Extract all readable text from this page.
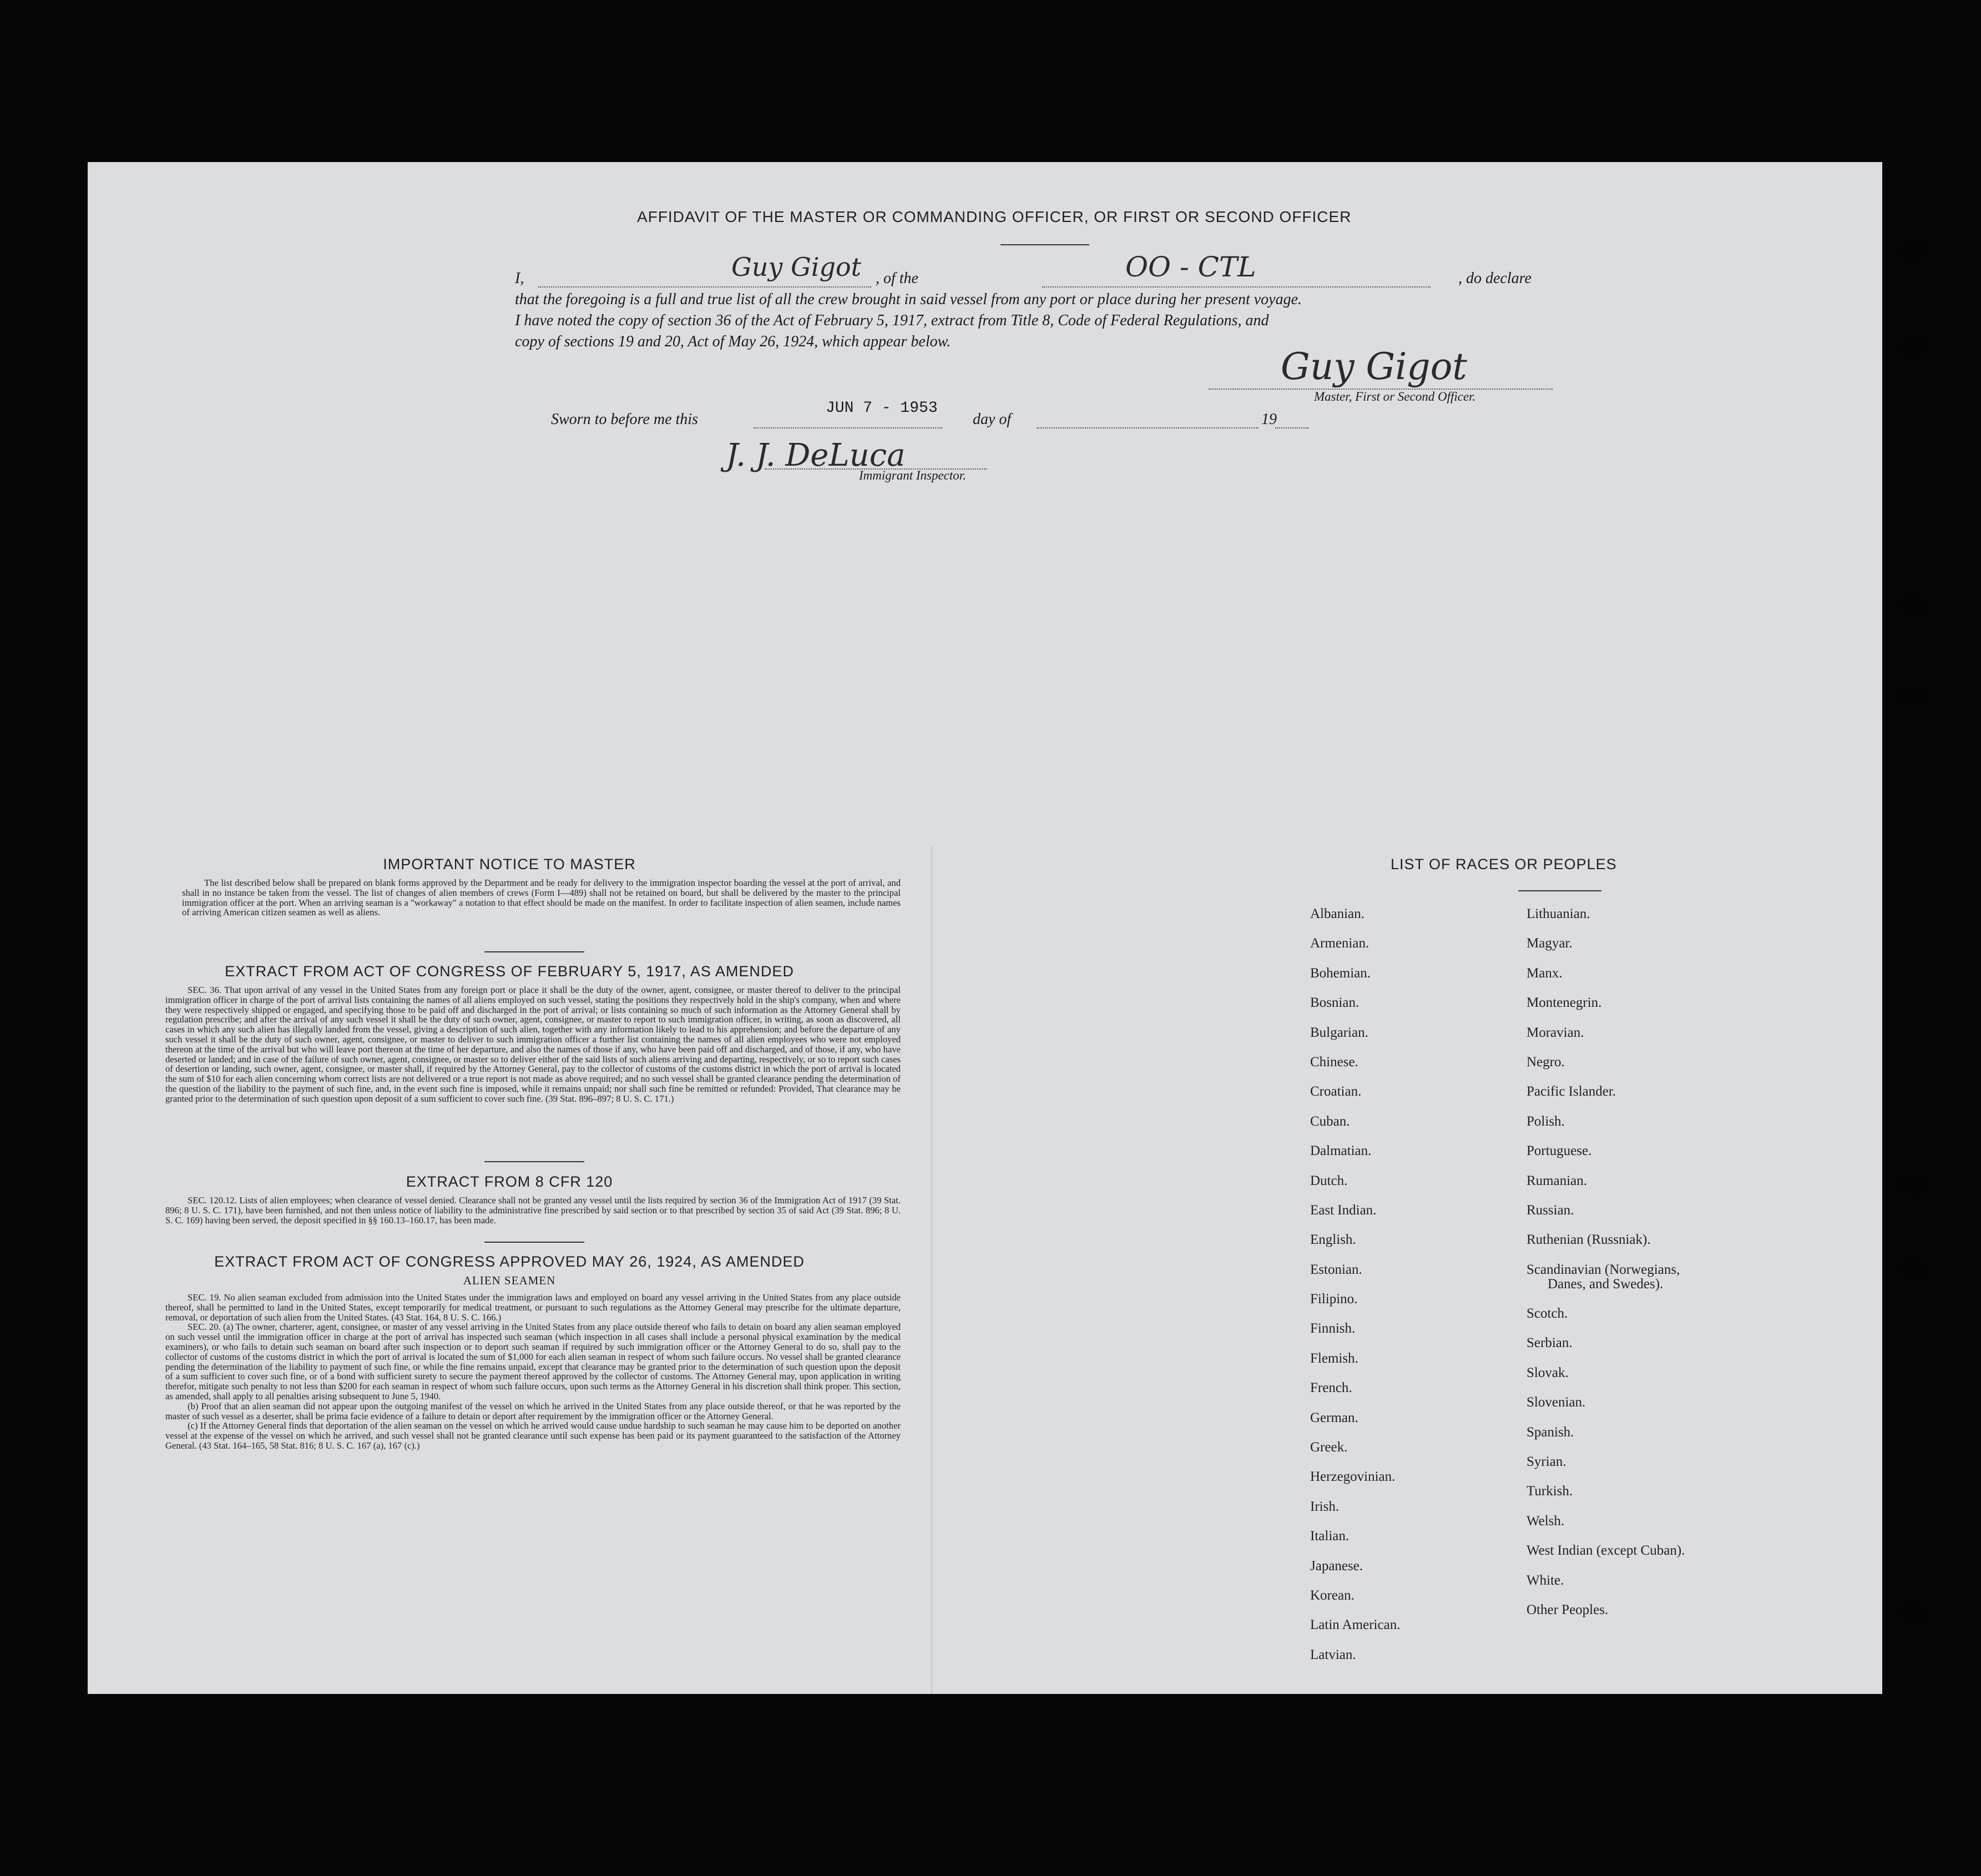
AFFIDAVIT OF THE MASTER OR COMMANDING OFFICER, OR FIRST OR SECOND OFFICER
I,	Guy Gigot , of the	OO - CTL	, do declare
that the foregoing is a full and true list of all the crew brought in said vessel from any port or place during her present voyage.
I have noted the copy of section 36 of the Act of February 5, 1917, extract from Title 8, Code of Federal Regulations, and
copy of sections 19 and 20, Act of May 26, 1924, which appear below.
Guy Gigot
Master, First or Second Officer.
Sworn to before me this
JUN 7 - 1953
day of	19
J. J. DeLuca
Immigrant Inspector.
IMPORTANT NOTICE TO MASTER

The list described below shall be prepared on blank forms approved by the Department and be ready for delivery to the immigration inspector boarding the vessel at the port of arrival, and shall in no instance be taken from the vessel. The list of changes of alien members of crews (Form I—489) shall not be retained on board, but shall be delivered by the master to the principal immigration officer at the port. When an arriving seaman is a "workaway" a notation to that effect should be made on the manifest. In order to facilitate inspection of alien seamen, include names of arriving American citizen seamen as well as aliens.

EXTRACT FROM ACT OF CONGRESS OF FEBRUARY 5, 1917, AS AMENDED

SEC. 36. That upon arrival of any vessel in the United States from any foreign port or place it shall be the duty of the owner, agent, consignee, or master thereof to deliver to the principal immigration officer in charge of the port of arrival lists containing the names of all aliens employed on such vessel, stating the positions they respectively hold in the ship's company, when and where they were respectively shipped or engaged, and specifying those to be paid off and discharged in the port of arrival; or lists containing so much of such information as the Attorney General shall by regulation prescribe; and after the arrival of any such vessel it shall be the duty of such owner, agent, consignee, or master to report to such immigration officer, in writing, as soon as discovered, all cases in which any such alien has illegally landed from the vessel, giving a description of such alien, together with any information likely to lead to his apprehension; and before the departure of any such vessel it shall be the duty of such owner, agent, consignee, or master to deliver to such immigration officer a further list containing the names of all alien employees who were not employed thereon at the time of the arrival but who will leave port thereon at the time of her departure, and also the names of those if any, who have been paid off and discharged, and of those, if any, who have deserted or landed; and in case of the failure of such owner, agent, consignee, or master so to deliver either of the said lists of such aliens arriving and departing, respectively, or so to report such cases of desertion or landing, such owner, agent, consignee, or master shall, if required by the Attorney General, pay to the collector of customs of the customs district in which the port of arrival is located the sum of $10 for each alien concerning whom correct lists are not delivered or a true report is not made as above required; and no such vessel shall be granted clearance pending the determination of the question of the liability to the payment of such fine, and, in the event such fine is imposed, while it remains unpaid; nor shall such fine be remitted or refunded: Provided, That clearance may be granted prior to the determination of such question upon deposit of a sum sufficient to cover such fine. (39 Stat. 896–897; 8 U. S. C. 171.)

EXTRACT FROM 8 CFR 120

SEC. 120.12. Lists of alien employees; when clearance of vessel denied. Clearance shall not be granted any vessel until the lists required by section 36 of the Immigration Act of 1917 (39 Stat. 896; 8 U. S. C. 171), have been furnished, and not then unless notice of liability to the administrative fine prescribed by said section or to that prescribed by section 35 of said Act (39 Stat. 896; 8 U. S. C. 169) having been served, the deposit specified in §§ 160.13–160.17, has been made.

EXTRACT FROM ACT OF CONGRESS APPROVED MAY 26, 1924, AS AMENDED
ALIEN SEAMEN

SEC. 19. No alien seaman excluded from admission into the United States under the immigration laws and employed on board any vessel arriving in the United States from any place outside thereof, shall be permitted to land in the United States, except temporarily for medical treatment, or pursuant to such regulations as the Attorney General may prescribe for the ultimate departure, removal, or deportation of such alien from the United States. (43 Stat. 164, 8 U. S. C. 166.)

SEC. 20. (a) The owner, charterer, agent, consignee, or master of any vessel arriving in the United States from any place outside thereof who fails to detain on board any alien seaman employed on such vessel until the immigration officer in charge at the port of arrival has inspected such seaman (which inspection in all cases shall include a personal physical examination by the medical examiners), or who fails to detain such seaman on board after such inspection or to deport such seaman if required by such immigration officer or the Attorney General to do so, shall pay to the collector of customs of the customs district in which the port of arrival is located the sum of $1,000 for each alien seaman in respect of whom such failure occurs. No vessel shall be granted clearance pending the determination of the liability to payment of such fine, or while the fine remains unpaid, except that clearance may be granted prior to the determination of such question upon the deposit of a sum sufficient to cover such fine, or of a bond with sufficient surety to secure the payment thereof approved by the collector of customs. The Attorney General may, upon application in writing therefor, mitigate such penalty to not less than $200 for each seaman in respect of whom such failure occurs, upon such terms as the Attorney General in his discretion shall think proper. This section, as amended, shall apply to all penalties arising subsequent to June 5, 1940.

(b) Proof that an alien seaman did not appear upon the outgoing manifest of the vessel on which he arrived in the United States from any place outside thereof, or that he was reported by the master of such vessel as a deserter, shall be prima facie evidence of a failure to detain or deport after requirement by the immigration officer or the Attorney General.

(c) If the Attorney General finds that deportation of the alien seaman on the vessel on which he arrived would cause undue hardship to such seaman he may cause him to be deported on another vessel at the expense of the vessel on which he arrived, and such vessel shall not be granted clearance until such expense has been paid or its payment guaranteed to the satisfaction of the Attorney General. (43 Stat. 164–165, 58 Stat. 816; 8 U. S. C. 167 (a), 167 (c).)

LIST OF RACES OR PEOPLES
Albanian.
Armenian.
Bohemian.
Bosnian.
Bulgarian.
Chinese.
Croatian.
Cuban.
Dalmatian.
Dutch.
East Indian.
English.
Estonian.
Filipino.
Finnish.
Flemish.
French.
German.
Greek.
Herzegovinian.
Irish.
Italian.
Japanese.
Korean.
Latin American.
Latvian.
Lithuanian.
Magyar.
Manx.
Montenegrin.
Moravian.
Negro.
Pacific Islander.
Polish.
Portuguese.
Rumanian.
Russian.
Ruthenian (Russniak).
Scandinavian (Norwegians,
Danes, and Swedes).
Scotch.
Serbian.
Slovak.
Slovenian.
Spanish.
Syrian.
Turkish.
Welsh.
West Indian (except Cuban).
White.
Other Peoples.
